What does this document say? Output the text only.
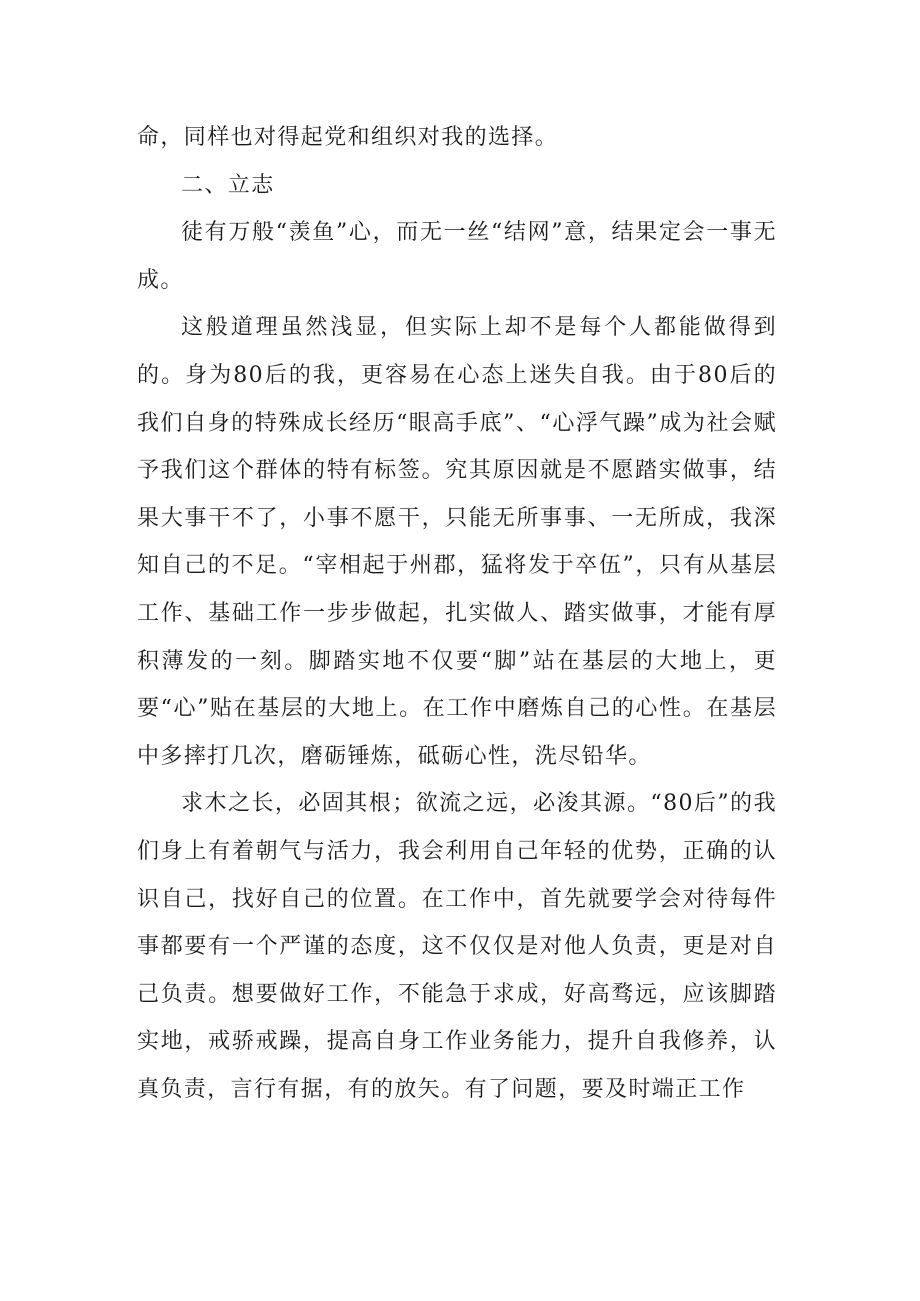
命，同样也对得起党和组织对我的选择。

二、立志

徒有万般“羡鱼”心，而无一丝“结网”意，结果定会一事无成。

这般道理虽然浅显，但实际上却不是每个人都能做得到的。身为80后的我，更容易在心态上迷失自我。由于80后的我们自身的特殊成长经历“眼高手底”、“心浮气躁”成为社会赋予我们这个群体的特有标签。究其原因就是不愿踏实做事，结果大事干不了，小事不愿干，只能无所事事、一无所成，我深知自己的不足。“宰相起于州郡，猛将发于卒伍”，只有从基层工作、基础工作一步步做起，扎实做人、踏实做事，才能有厚积薄发的一刻。脚踏实地不仅要“脚”站在基层的大地上，更要“心”贴在基层的大地上。在工作中磨炼自己的心性。在基层中多摔打几次，磨砺锤炼，砥砺心性，洗尽铅华。

求木之长，必固其根；欲流之远，必浚其源。“80后”的我们身上有着朝气与活力，我会利用自己年轻的优势，正确的认识自己，找好自己的位置。在工作中，首先就要学会对待每件事都要有一个严谨的态度，这不仅仅是对他人负责，更是对自己负责。想要做好工作，不能急于求成，好高骛远，应该脚踏实地，戒骄戒躁，提高自身工作业务能力，提升自我修养，认真负责，言行有据，有的放矢。有了问题，要及时端正工作
